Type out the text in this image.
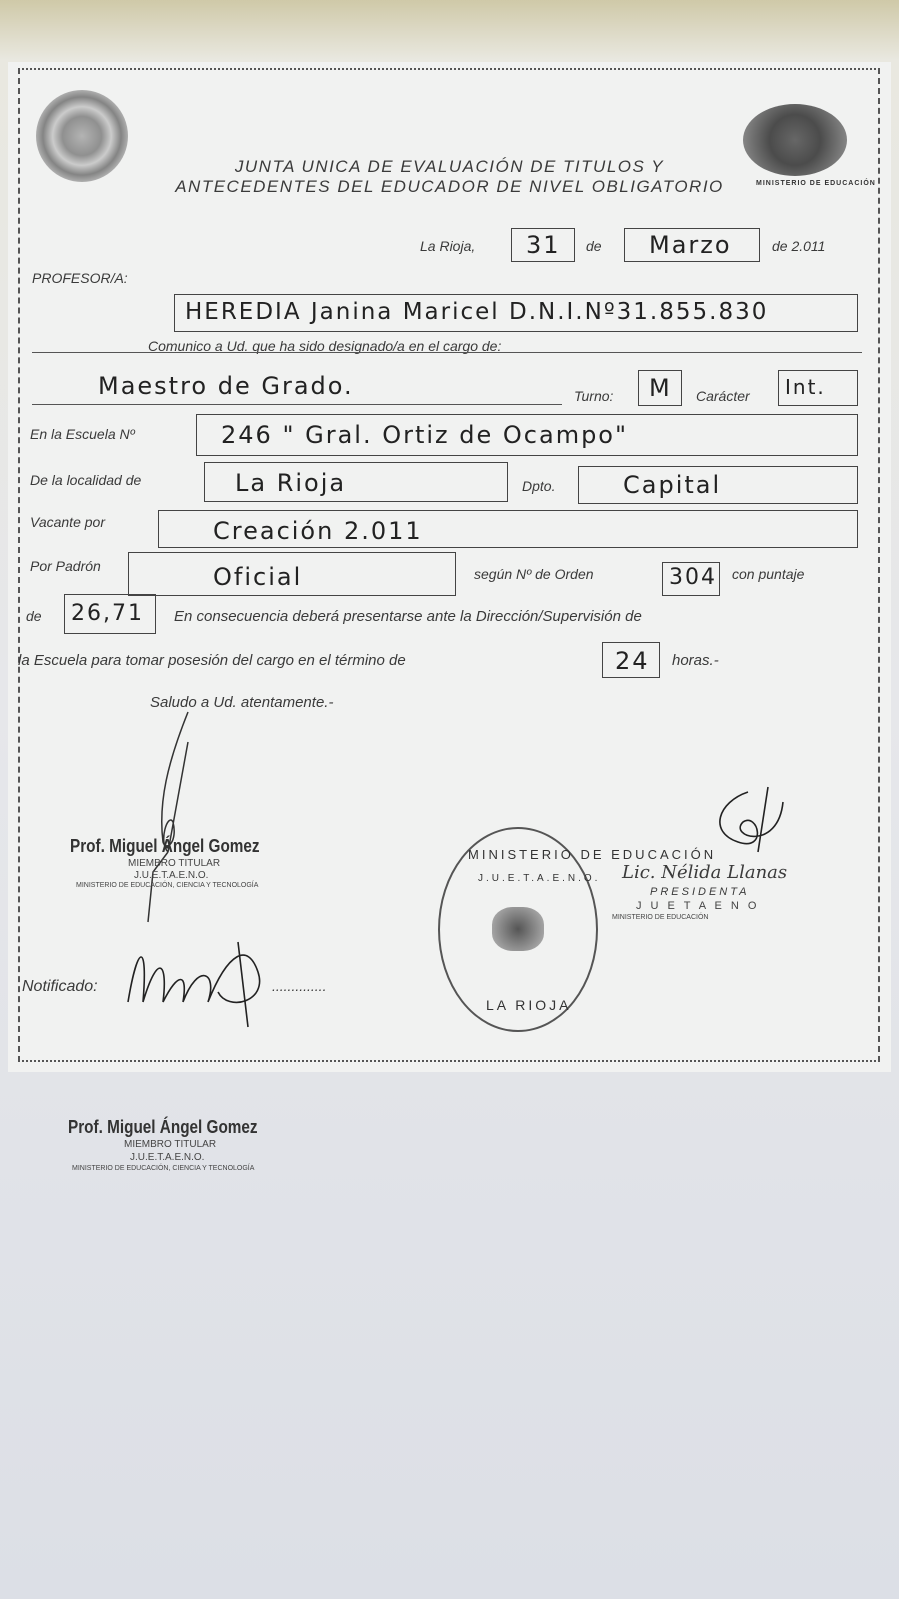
MINISTERIO DE EDUCACIÓN
JUNTA UNICA DE EVALUACIÓN DE TITULOS Y
ANTECEDENTES DEL EDUCADOR DE NIVEL OBLIGATORIO
La Rioja, 31 de Marzo	de 2.011
PROFESOR/A:
HEREDIA Janina Maricel D.N.I.Nº31.855.830
Comunico a Ud. que ha sido designado/a en el cargo de:
Maestro de Grado.	Turno: M Carácter Int.
En la Escuela Nº	246 " Gral. Ortiz de Ocampo"
De la localidad de	La Rioja	Dpto.	Capital
Vacante por	Creación 2.011
Por Padrón	Oficial	según Nº de Orden	304 con puntaje
de 26,71 En consecuencia deberá presentarse ante la Dirección/Supervisión de
la Escuela para tomar posesión del cargo en el término de	24 horas.-
Saludo a Ud. atentamente.-
Prof. Miguel Ángel Gomez
MIEMBRO TITULAR
J.U.E.T.A.E.N.O.
MINISTERIO DE EDUCACIÓN, CIENCIA Y TECNOLOGÍA
MINISTERIO DE EDUCACIÓN
J.U.E.T.A.E.N.O.
LA RIOJA
Lic. Nélida Llanas
PRESIDENTA
J U E T A E N O
MINISTERIO DE EDUCACIÓN
Notificado:	..............
Prof. Miguel Ángel Gomez
MIEMBRO TITULAR
J.U.E.T.A.E.N.O.
MINISTERIO DE EDUCACIÓN, CIENCIA Y TECNOLOGÍA
